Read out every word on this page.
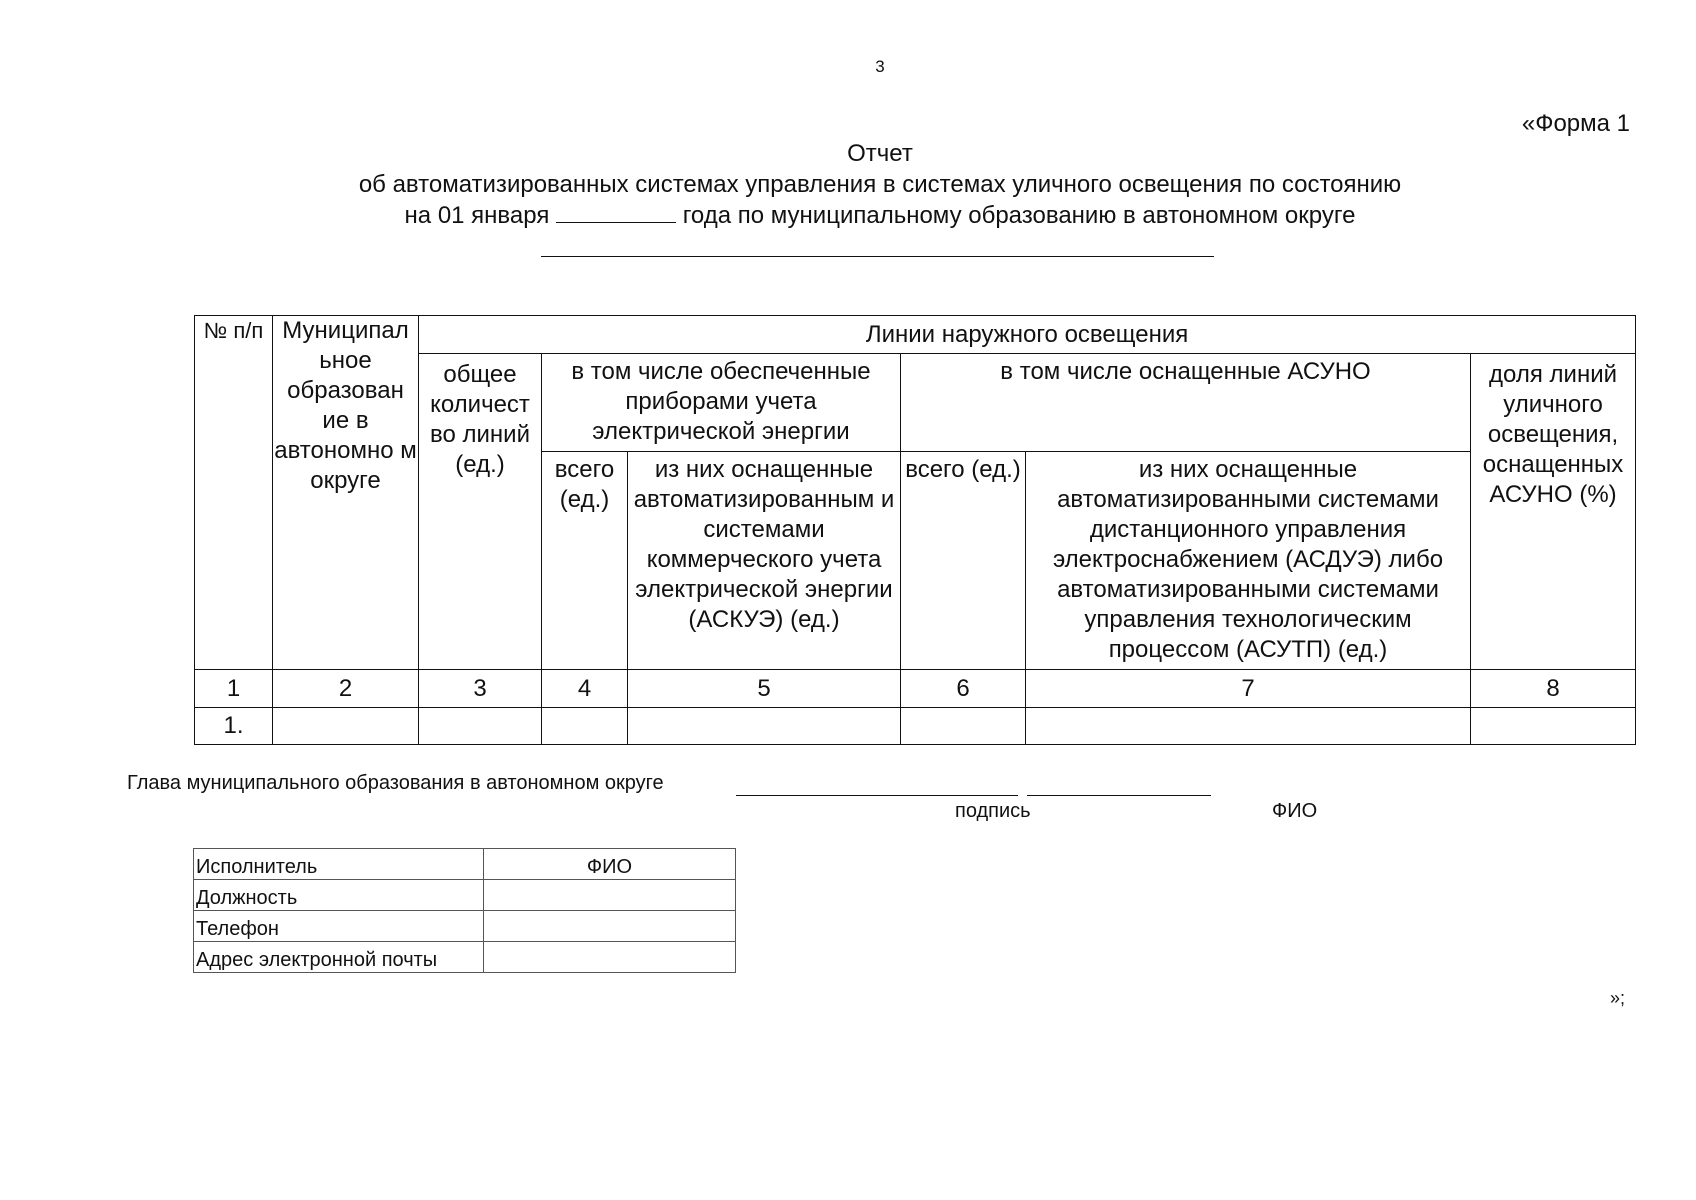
3
«Форма 1
Отчет
об автоматизированных системах управления в системах уличного освещения по состоянию
на 01 января	года по муниципальному образованию в автономном округе
№ п/п	Муниципал ьное образован ие в автономно м округе	Линии наружного освещения					
		общее количест во линий (ед.)	в том числе обеспеченные приборами учета электрической энергии		в том числе оснащенные АСУНО		доля линий уличного освещения, оснащенных АСУНО (%)
			всего (ед.)	из них оснащенные автоматизированным и системами коммерческого учета электрической энергии (АСКУЭ) (ед.)	всего (ед.)	из них оснащенные автоматизированными системами дистанционного управления электроснабжением (АСДУЭ) либо автоматизированными системами управления технологическим процессом (АСУТП) (ед.)	
1	2	3	4	5	6	7	8
1.							
Глава муниципального образования в автономном округе
подпись	ФИО
Исполнитель	ФИО
Должность	
Телефон	
Адрес электронной почты	
»;
